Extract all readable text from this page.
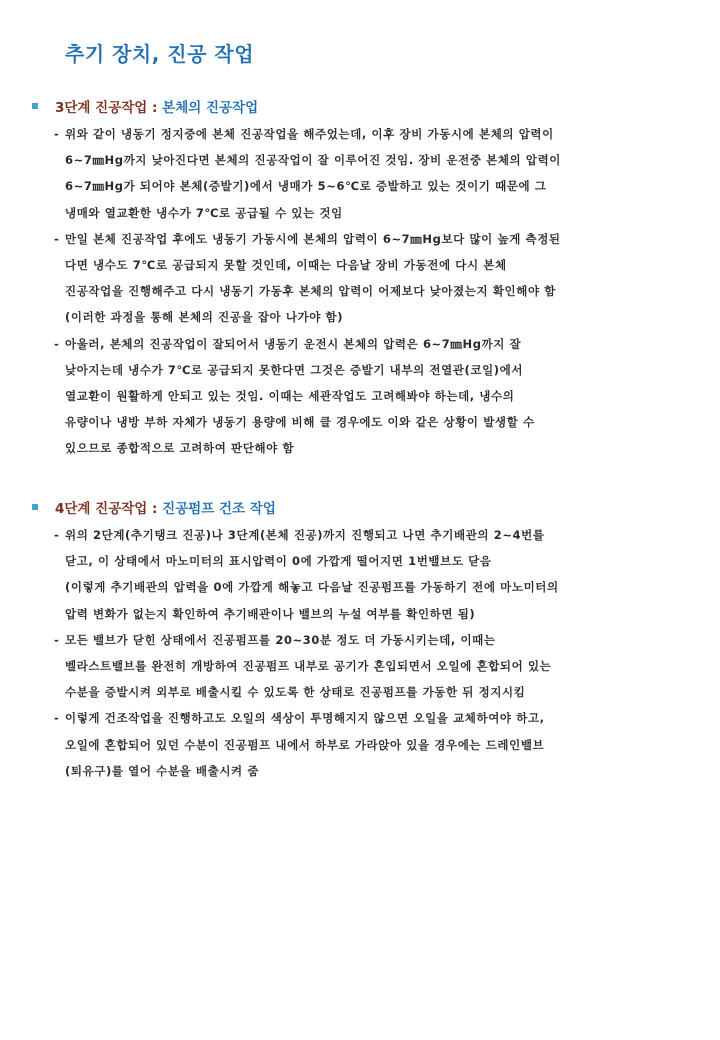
추기 장치, 진공 작업
3단계 진공작업 : 본체의 진공작업
- 위와 같이 냉동기 정지중에 본체 진공작업을 해주었는데, 이후 장비 가동시에 본체의 압력이
6~7㎜Hg까지 낮아진다면 본체의 진공작업이 잘 이루어진 것임. 장비 운전중 본체의 압력이
6~7㎜Hg가 되어야 본체(증발기)에서 냉매가 5~6℃로 증발하고 있는 것이기 때문에 그
냉매와 열교환한 냉수가 7℃로 공급될 수 있는 것임
- 만일 본체 진공작업 후에도 냉동기 가동시에 본체의 압력이 6~7㎜Hg보다 많이 높게 측정된
다면 냉수도 7℃로 공급되지 못할 것인데, 이때는 다음날 장비 가동전에 다시 본체
진공작업을 진행해주고 다시 냉동기 가동후 본체의 압력이 어제보다 낮아졌는지 확인해야 함
(이러한 과정을 통해 본체의 진공을 잡아 나가야 함)
- 아울러, 본체의 진공작업이 잘되어서 냉동기 운전시 본체의 압력은 6~7㎜Hg까지 잘
낮아지는데 냉수가 7℃로 공급되지 못한다면 그것은 증발기 내부의 전열관(코일)에서
열교환이 원활하게 안되고 있는 것임. 이때는 세관작업도 고려해봐야 하는데, 냉수의
유량이나 냉방 부하 자체가 냉동기 용량에 비해 클 경우에도 이와 같은 상황이 발생할 수
있으므로 종합적으로 고려하여 판단해야 함
4단계 진공작업 : 진공펌프 건조 작업
- 위의 2단계(추기탱크 진공)나 3단계(본체 진공)까지 진행되고 나면 추기배관의 2~4번를
닫고, 이 상태에서 마노미터의 표시압력이 0에 가깝게 떨어지면 1번밸브도 닫음
(이렇게 추기배관의 압력을 0에 가깝게 해놓고 다음날 진공펌프를 가동하기 전에 마노미터의
압력 변화가 없는지 확인하여 추기배관이나 밸브의 누설 여부를 확인하면 됨)
- 모든 밸브가 닫힌 상태에서 진공펌프를 20~30분 정도 더 가동시키는데, 이때는
벨라스트밸브를 완전히 개방하여 진공펌프 내부로 공기가 혼입되면서 오일에 혼합되어 있는
수분을 증발시켜 외부로 배출시킬 수 있도록 한 상태로 진공펌프를 가동한 뒤 정지시킴
- 이렇게 건조작업을 진행하고도 오일의 색상이 투명해지지 않으면 오일을 교체하여야 하고,
오일에 혼합되어 있던 수분이 진공펌프 내에서 하부로 가라앉아 있을 경우에는 드레인밸브
(퇴유구)를 열어 수분을 배출시켜 줌
